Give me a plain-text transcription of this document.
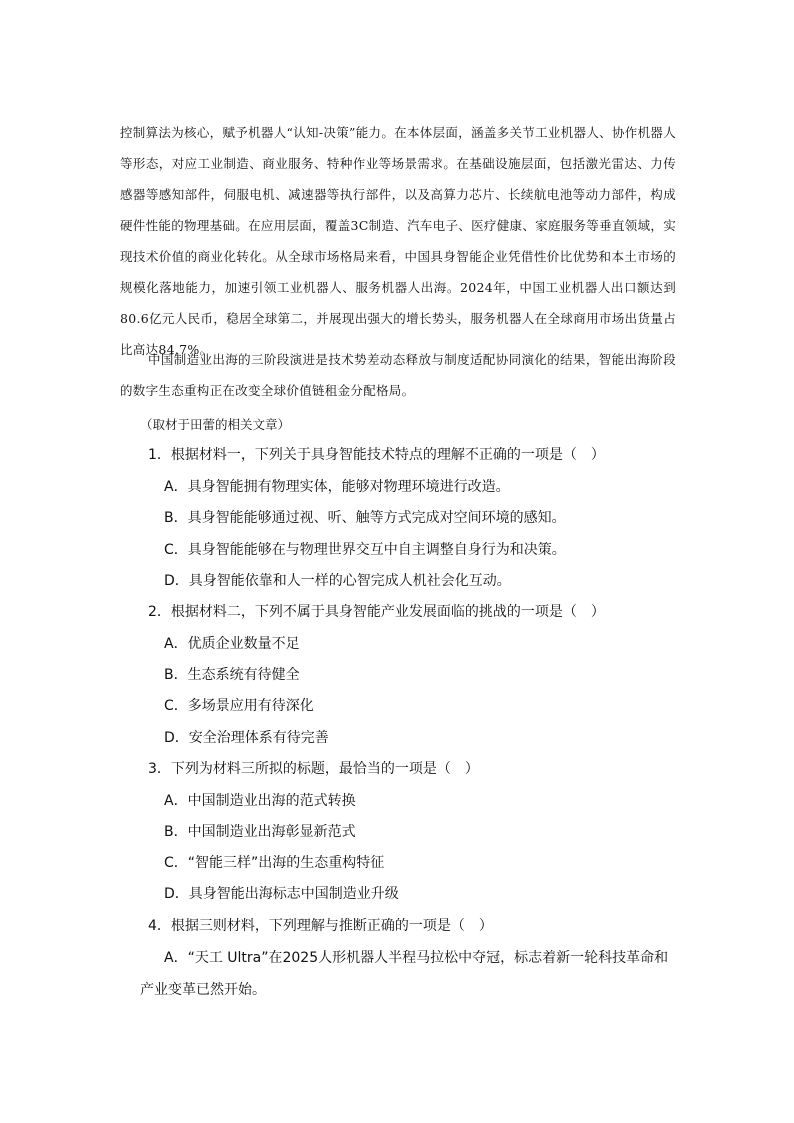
控制算法为核心，赋予机器人“认知-决策”能力。在本体层面，涵盖多关节工业机器人、协作机器人等形态，对应工业制造、商业服务、特种作业等场景需求。在基础设施层面，包括激光雷达、力传感器等感知部件，伺服电机、减速器等执行部件，以及高算力芯片、长续航电池等动力部件，构成硬件性能的物理基础。在应用层面，覆盖3C制造、汽车电子、医疗健康、家庭服务等垂直领域，实现技术价值的商业化转化。从全球市场格局来看，中国具身智能企业凭借性价比优势和本土市场的规模化落地能力，加速引领工业机器人、服务机器人出海。2024年，中国工业机器人出口额达到80.6亿元人民币，稳居全球第二，并展现出强大的增长势头，服务机器人在全球商用市场出货量占比高达84.7%。

中国制造业出海的三阶段演进是技术势差动态释放与制度适配协同演化的结果，智能出海阶段的数字生态重构正在改变全球价值链租金分配格局。

（取材于田蕾的相关文章）

1．根据材料一，下列关于具身智能技术特点的理解不正确的一项是（　）

A．具身智能拥有物理实体，能够对物理环境进行改造。

B．具身智能能够通过视、听、触等方式完成对空间环境的感知。

C．具身智能能够在与物理世界交互中自主调整自身行为和决策。

D．具身智能依靠和人一样的心智完成人机社会化互动。

2．根据材料二，下列不属于具身智能产业发展面临的挑战的一项是（　）

A．优质企业数量不足

B．生态系统有待健全

C．多场景应用有待深化

D．安全治理体系有待完善

3．下列为材料三所拟的标题，最恰当的一项是（　）

A．中国制造业出海的范式转换

B．中国制造业出海彰显新范式

C．“智能三样”出海的生态重构特征

D．具身智能出海标志中国制造业升级

4．根据三则材料，下列理解与推断正确的一项是（　）

A．“天工 Ultra”在2025人形机器人半程马拉松中夺冠，标志着新一轮科技革命和产业变革已然开始。
